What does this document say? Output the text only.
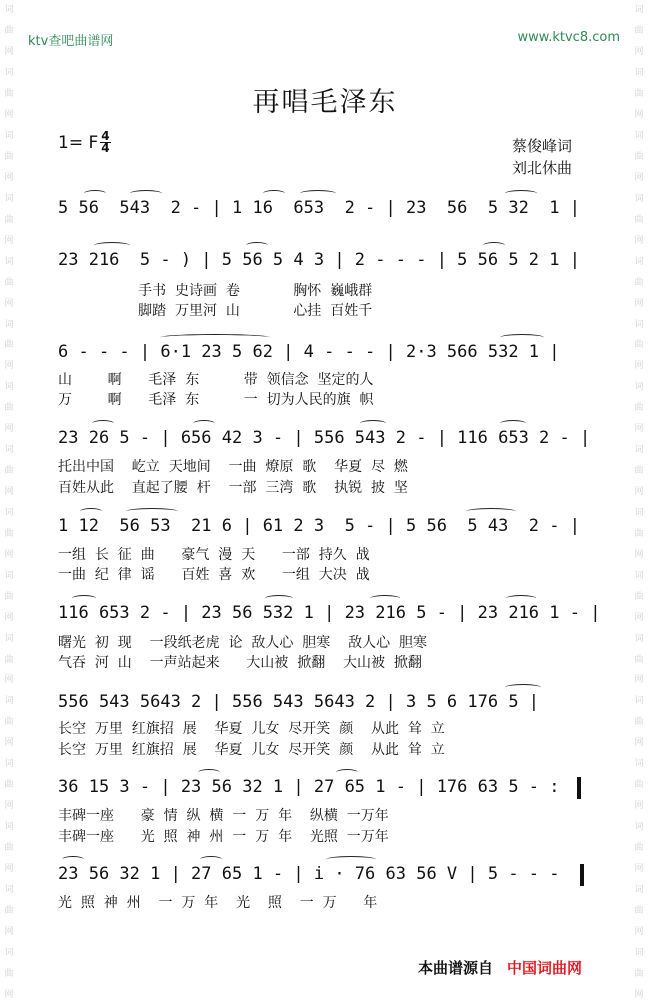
词
曲
网
词
曲
网
词
曲
网
词
曲
网
词
曲
网
词
曲
网
词
曲
网
词
曲
网
词
曲
网
词
曲
网
词
曲
网
词
曲
网
词
曲
网
词
曲
网
词
曲
网
词
曲
网
词
曲
网
词
曲
网
词
曲
网
词
曲
网
词
曲
网
词
曲
网
词
曲
网
词
曲
网
词
曲
网
词
曲
网
词
曲
网
词
曲
网
词
曲
网
词
曲
网
词
曲
网
词
曲
网
ktv查吧曲谱网	www.ktvc8.com
再唱毛泽东
1= F $\frac{4}{4}$	蔡俊峰词
刘北休曲
5 56  543  2 - | 1 16  653  2 - | 23  56  5 32  1 |
23 216  5 - ) | 5 56 5 4 3 | 2 - - - | 5 56 5 2 1 |
手书  史诗画  卷            胸怀  巍峨群
脚踏  万里河  山            心挂  百姓千
6 - - - | 6·1 23 5 62 | 4 - - - | 2·3 566 532 1 |
山        啊      毛泽  东          带  领信念  坚定的人
万        啊      毛泽  东          一  切为人民的旗  帜
23 26 5 - | 656 42 3 - | 556 543 2 - | 116 653 2 - |
托出中国    屹立  天地间    一曲  燎原  歌    华夏  尽  燃
百姓从此    直起了腰  杆    一部  三湾  歌    执锐  披  坚
1 12  56 53  21 6 | 61 2 3  5 - | 5 56  5 43  2 - |
一组  长  征  曲      豪气  漫  天      一部  持久  战
一曲  纪  律  谣      百姓  喜  欢      一组  大决  战
116 653 2 - | 23 56 532 1 | 23 216 5 - | 23 216 1 - |
曙光  初  现    一段纸老虎  论  敌人心  胆寒    敌人心  胆寒
气吞  河  山    一声站起来      大山被  掀翻    大山被  掀翻
556 543 5643 2 | 556 543 5643 2 | 3 5 6 176 5 |
长空  万里  红旗招  展    华夏  儿女  尽开笑  颜    从此  耸  立
长空  万里  红旗招  展    华夏  儿女  尽开笑  颜    从此  耸  立
36 15 3 - | 23 56 32 1 | 27 65 1 - | 176 63 5 - :
丰碑一座      豪  情  纵  横  一  万  年    纵横  一万年
丰碑一座      光  照  神  州  一  万  年    光照  一万年
23 56 32 1 | 27 65 1 - | i · 76 63 56 V | 5 - - -
光  照  神  州    一  万  年    光    照    一  万      年
本曲谱源自 中国词曲网
